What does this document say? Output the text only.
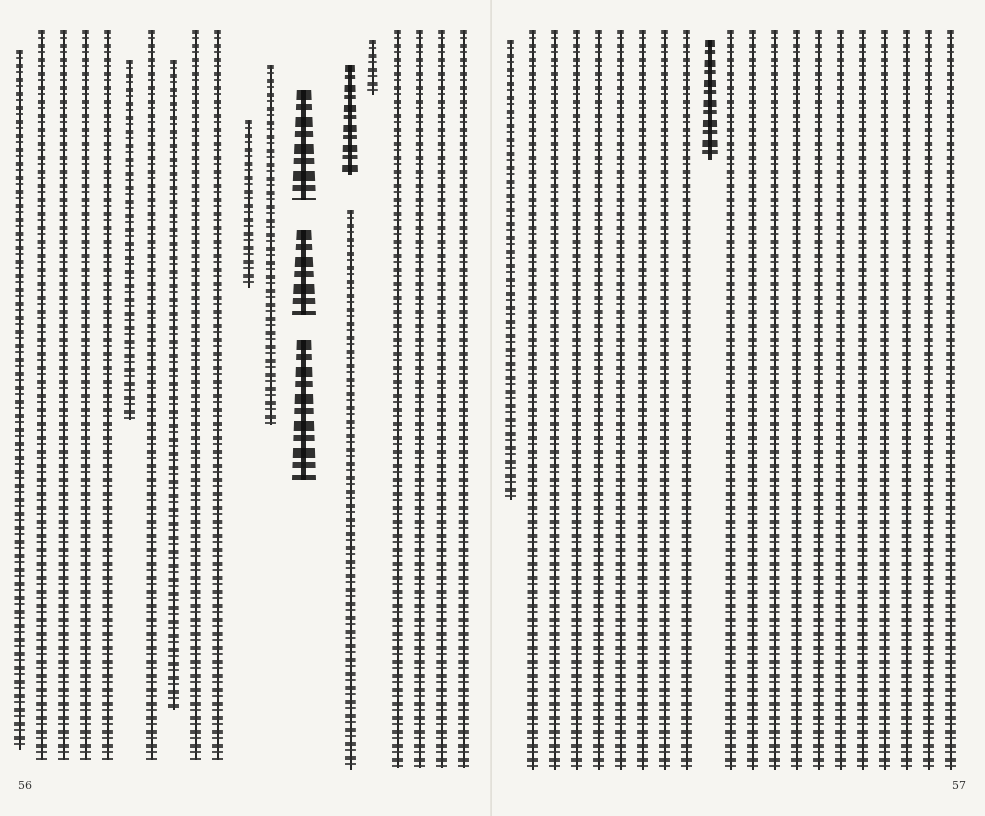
56	57
